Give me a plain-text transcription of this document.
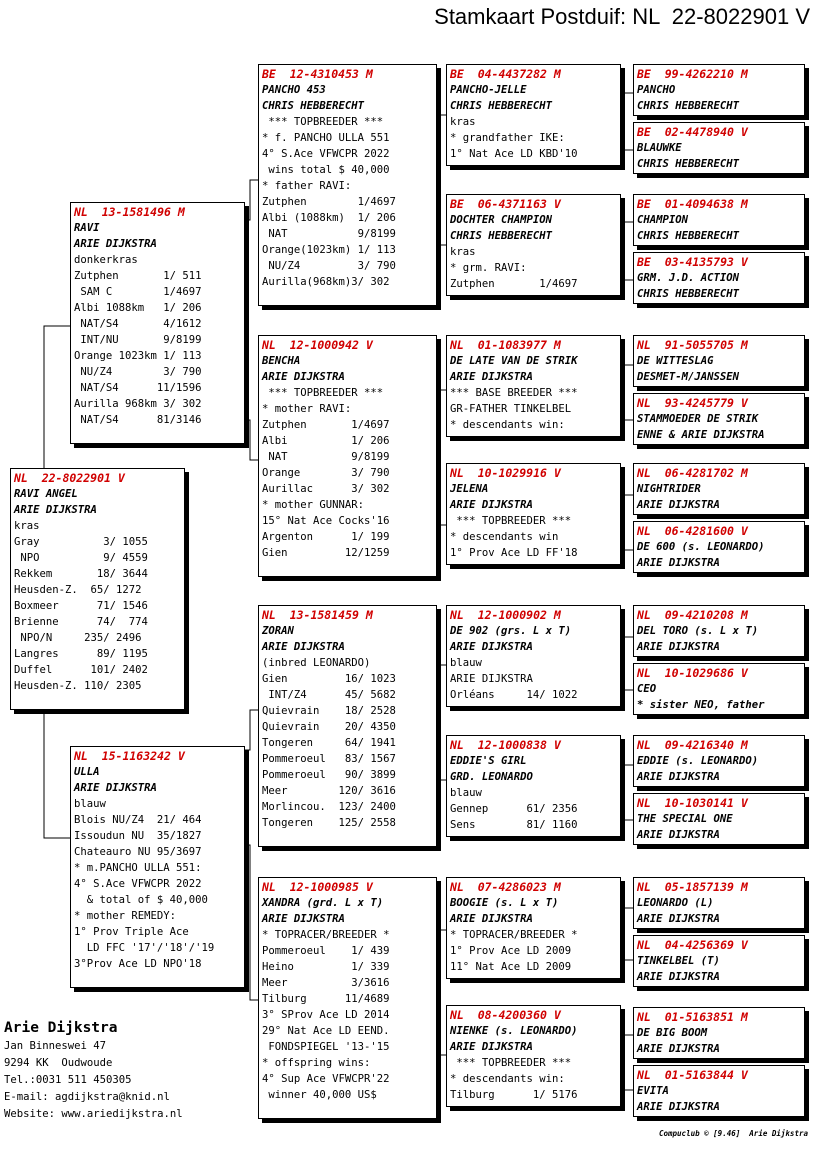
Stamkaart Postduif: NL  22-8022901 V
NL  22-8022901 V
RAVI ANGEL
ARIE DIJKSTRA
kras
Gray          3/ 1055
NPO          9/ 4559
Rekkem       18/ 3644
Heusden-Z.  65/ 1272
Boxmeer      71/ 1546
Brienne      74/  774
NPO/N     235/ 2496
Langres      89/ 1195
Duffel      101/ 2402
Heusden-Z. 110/ 2305
NL  13-1581496 M
RAVI
ARIE DIJKSTRA
donkerkras
Zutphen       1/ 511
SAM C        1/4697
Albi 1088km   1/ 206
NAT/S4       4/1612
INT/NU       9/8199
Orange 1023km 1/ 113
NU/Z4        3/ 790
NAT/S4      11/1596
Aurilla 968km 3/ 302
NAT/S4      81/3146
NL  15-1163242 V
ULLA
ARIE DIJKSTRA
blauw
Blois NU/Z4  21/ 464
Issoudun NU  35/1827
Chateauro NU 95/3697
* m.PANCHO ULLA 551:
4° S.Ace VFWCPR 2022
& total of $ 40,000
* mother REMEDY:
1° Prov Triple Ace
LD FFC '17'/'18'/'19
3°Prov Ace LD NPO'18
BE  12-4310453 M
PANCHO 453
CHRIS HEBBERECHT
*** TOPBREEDER ***
* f. PANCHO ULLA 551
4° S.Ace VFWCPR 2022
wins total $ 40,000
* father RAVI:
Zutphen        1/4697
Albi (1088km)  1/ 206
NAT           9/8199
Orange(1023km) 1/ 113
NU/Z4         3/ 790
Aurilla(968km)3/ 302
NL  12-1000942 V
BENCHA
ARIE DIJKSTRA
*** TOPBREEDER ***
* mother RAVI:
Zutphen       1/4697
Albi          1/ 206
NAT          9/8199
Orange        3/ 790
Aurillac      3/ 302
* mother GUNNAR:
15° Nat Ace Cocks'16
Argenton      1/ 199
Gien         12/1259
NL  13-1581459 M
ZORAN
ARIE DIJKSTRA
(inbred LEONARDO)
Gien         16/ 1023
INT/Z4      45/ 5682
Quievrain    18/ 2528
Quievrain    20/ 4350
Tongeren     64/ 1941
Pommeroeul   83/ 1567
Pommeroeul   90/ 3899
Meer        120/ 3616
Morlincou.  123/ 2400
Tongeren    125/ 2558
NL  12-1000985 V
XANDRA (grd. L x T)
ARIE DIJKSTRA
* TOPRACER/BREEDER *
Pommeroeul    1/ 439
Heino         1/ 339
Meer          3/3616
Tilburg      11/4689
3° SProv Ace LD 2014
29° Nat Ace LD EEND.
FONDSPIEGEL '13-'15
* offspring wins:
4° Sup Ace VFWCPR'22
winner 40,000 US$
BE  04-4437282 M
PANCHO-JELLE
CHRIS HEBBERECHT
kras
* grandfather IKE:
1° Nat Ace LD KBD'10
BE  06-4371163 V
DOCHTER CHAMPION
CHRIS HEBBERECHT
kras
* grm. RAVI:
Zutphen       1/4697
NL  01-1083977 M
DE LATE VAN DE STRIK
ARIE DIJKSTRA
*** BASE BREEDER ***
GR-FATHER TINKELBEL
* descendants win:
NL  10-1029916 V
JELENA
ARIE DIJKSTRA
*** TOPBREEDER ***
* descendants win
1° Prov Ace LD FF'18
NL  12-1000902 M
DE 902 (grs. L x T)
ARIE DIJKSTRA
blauw
ARIE DIJKSTRA
Orléans     14/ 1022
NL  12-1000838 V
EDDIE'S GIRL
GRD. LEONARDO
blauw
Gennep      61/ 2356
Sens        81/ 1160
NL  07-4286023 M
BOOGIE (s. L x T)
ARIE DIJKSTRA
* TOPRACER/BREEDER *
1° Prov Ace LD 2009
11° Nat Ace LD 2009
NL  08-4200360 V
NIENKE (s. LEONARDO)
ARIE DIJKSTRA
*** TOPBREEDER ***
* descendants win:
Tilburg      1/ 5176
BE  99-4262210 M
PANCHO
CHRIS HEBBERECHT
BE  02-4478940 V
BLAUWKE
CHRIS HEBBERECHT
BE  01-4094638 M
CHAMPION
CHRIS HEBBERECHT
BE  03-4135793 V
GRM. J.D. ACTION
CHRIS HEBBERECHT
NL  91-5055705 M
DE WITTESLAG
DESMET-M/JANSSEN
NL  93-4245779 V
STAMMOEDER DE STRIK
ENNE & ARIE DIJKSTRA
NL  06-4281702 M
NIGHTRIDER
ARIE DIJKSTRA
NL  06-4281600 V
DE 600 (s. LEONARDO)
ARIE DIJKSTRA
NL  09-4210208 M
DEL TORO (s. L x T)
ARIE DIJKSTRA
NL  10-1029686 V
CEO
* sister NEO, father
NL  09-4216340 M
EDDIE (s. LEONARDO)
ARIE DIJKSTRA
NL  10-1030141 V
THE SPECIAL ONE
ARIE DIJKSTRA
NL  05-1857139 M
LEONARDO (L)
ARIE DIJKSTRA
NL  04-4256369 V
TINKELBEL (T)
ARIE DIJKSTRA
NL  01-5163851 M
DE BIG BOOM
ARIE DIJKSTRA
NL  01-5163844 V
EVITA
ARIE DIJKSTRA
Arie Dijkstra
Jan Binneswei 47
9294 KK  Oudwoude
Tel.:0031 511 450305
E-mail: agdijkstra@knid.nl
Website: www.ariedijkstra.nl
Compuclub © [9.46]  Arie Dijkstra
